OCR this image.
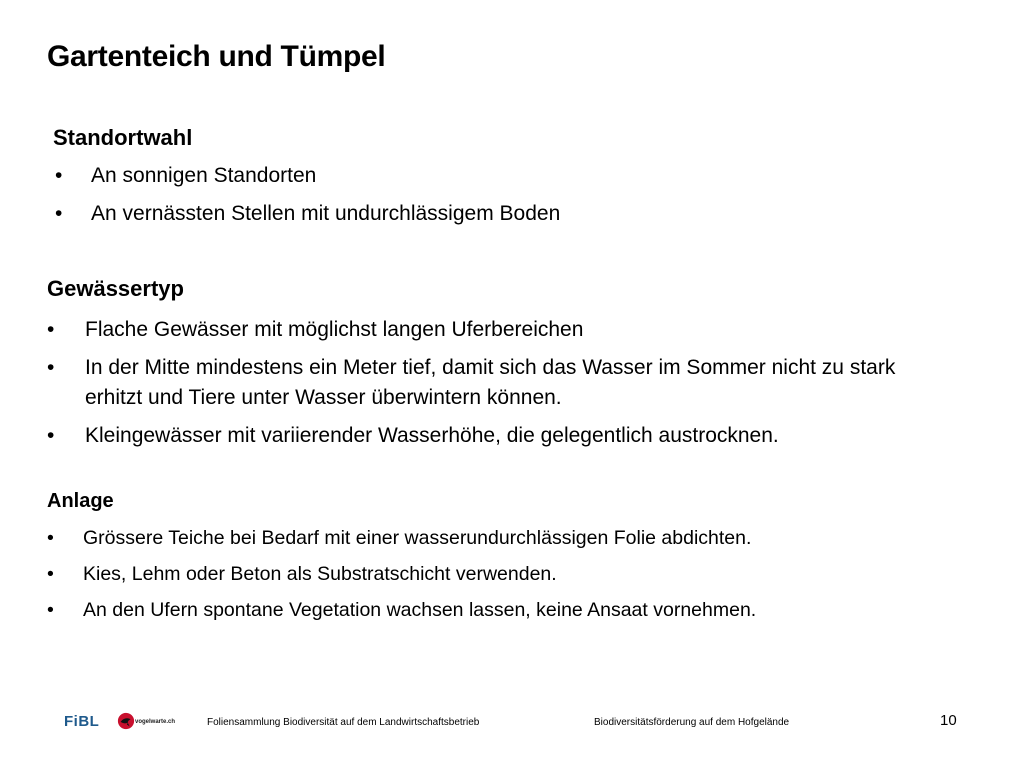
Gartenteich und Tümpel
Standortwahl
• An sonnigen Standorten
• An vernässten Stellen mit undurchlässigem Boden
Gewässertyp
• Flache Gewässer mit möglichst langen Uferbereichen
• In der Mitte mindestens ein Meter tief, damit sich das Wasser im Sommer nicht zu stark erhitzt und Tiere unter Wasser überwintern können.
• Kleingewässer mit variierender Wasserhöhe, die gelegentlich austrocknen.
Anlage
• Grössere Teiche bei Bedarf mit einer wasserundurchlässigen Folie abdichten.
• Kies, Lehm oder Beton als Substratschicht verwenden.
• An den Ufern spontane Vegetation wachsen lassen, keine Ansaat vornehmen.
FiBL	vogelwarte.ch	Foliensammlung Biodiversität auf dem Landwirtschaftsbetrieb	Biodiversitätsförderung auf dem Hofgelände	10
